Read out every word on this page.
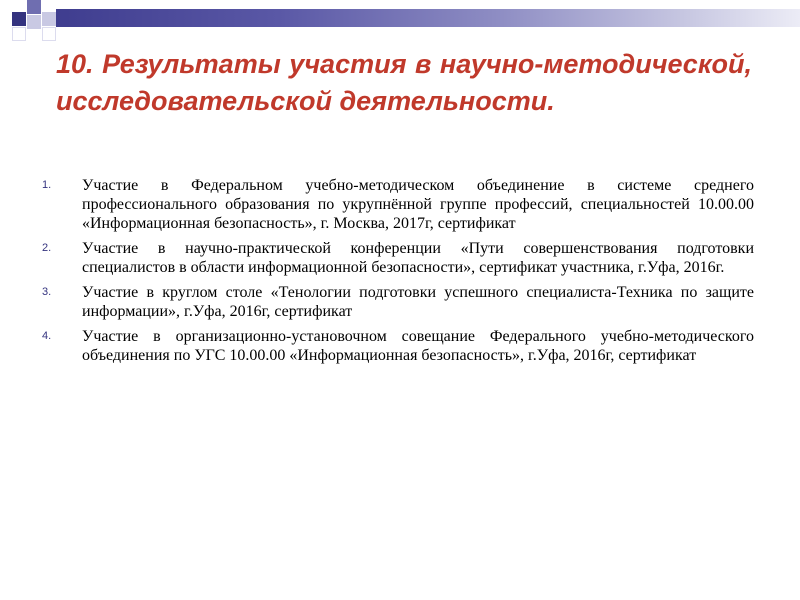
10. Результаты участия в научно-методической, исследовательской деятельности.
1. Участие в Федеральном учебно-методическом объединение в системе среднего профессионального образования по укрупнённой группе профессий, специальностей 10.00.00 «Информационная безопасность», г. Москва, 2017г, сертификат
2. Участие в научно-практической конференции «Пути совершенствования подготовки специалистов в области информационной безопасности», сертификат участника, г.Уфа, 2016г.
3. Участие в круглом столе «Тенологии подготовки успешного специалиста-Техника по защите информации», г.Уфа, 2016г, сертификат
4. Участие в организационно-установочном совещание Федерального учебно-методического объединения по УГС 10.00.00 «Информационная безопасность», г.Уфа, 2016г, сертификат
